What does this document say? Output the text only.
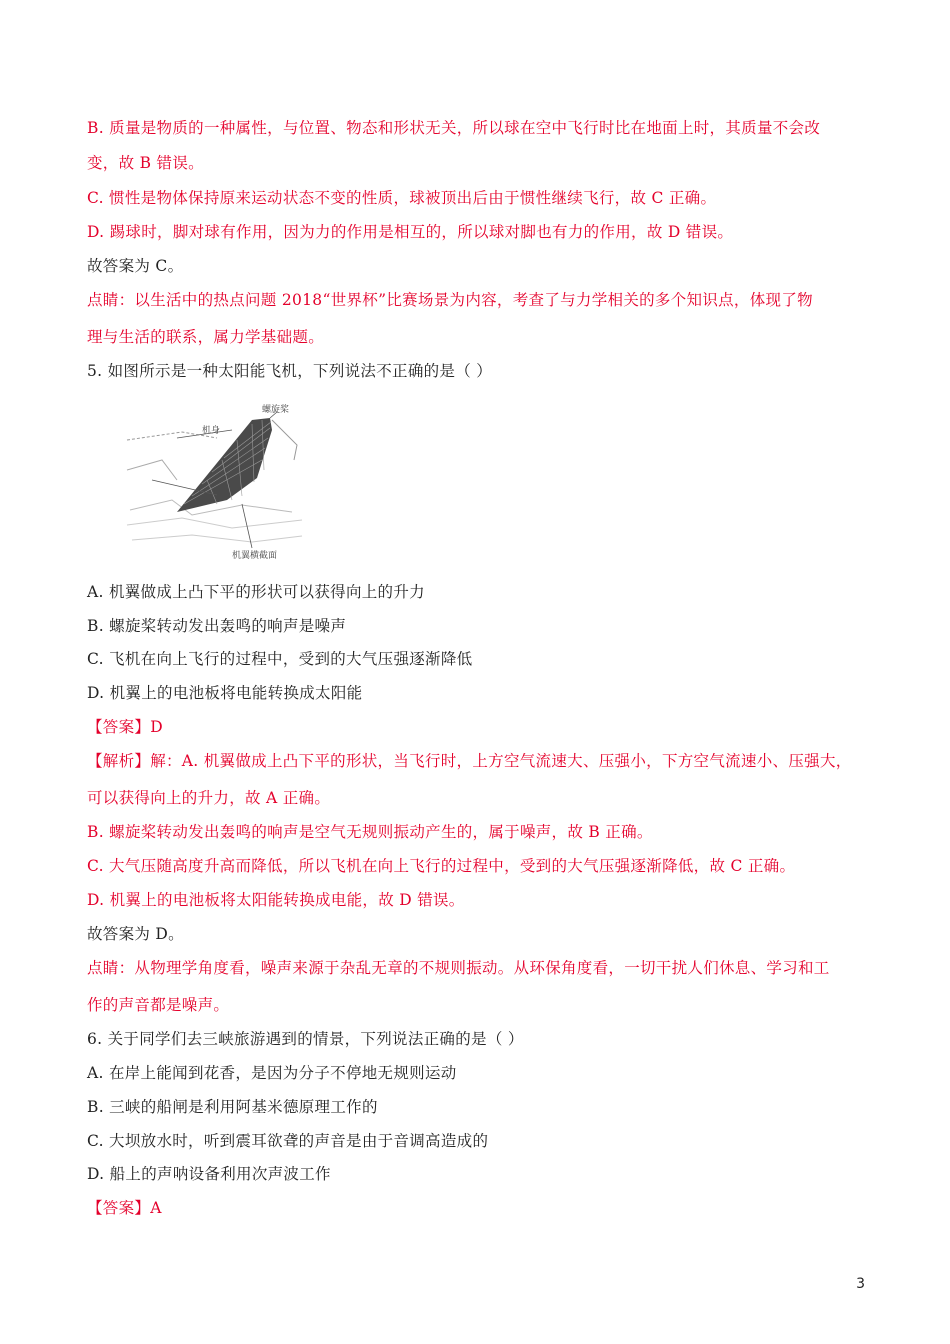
B. 质量是物质的一种属性，与位置、物态和形状无关，所以球在空中飞行时比在地面上时，其质量不会改
变，故 B 错误。
C. 惯性是物体保持原来运动状态不变的性质，球被顶出后由于惯性继续飞行，故 C 正确。
D. 踢球时，脚对球有作用，因为力的作用是相互的，所以球对脚也有力的作用，故 D 错误。
故答案为 C。
点睛：以生活中的热点问题 2018“世界杯”比赛场景为内容，考查了与力学相关的多个知识点，体现了物
理与生活的联系，属力学基础题。
5. 如图所示是一种太阳能飞机，下列说法不正确的是（ ）
螺旋桨
机身
机翼横截面
A. 机翼做成上凸下平的形状可以获得向上的升力
B. 螺旋桨转动发出轰鸣的响声是噪声
C. 飞机在向上飞行的过程中，受到的大气压强逐渐降低
D. 机翼上的电池板将电能转换成太阳能
【答案】D
【解析】解：A. 机翼做成上凸下平的形状，当飞行时，上方空气流速大、压强小，下方空气流速小、压强大，
可以获得向上的升力，故 A 正确。
B. 螺旋桨转动发出轰鸣的响声是空气无规则振动产生的，属于噪声，故 B 正确。
C. 大气压随高度升高而降低，所以飞机在向上飞行的过程中，受到的大气压强逐渐降低，故 C 正确。
D. 机翼上的电池板将太阳能转换成电能，故 D 错误。
故答案为 D。
点睛：从物理学角度看，噪声来源于杂乱无章的不规则振动。从环保角度看，一切干扰人们休息、学习和工
作的声音都是噪声。
6. 关于同学们去三峡旅游遇到的情景，下列说法正确的是（ ）
A. 在岸上能闻到花香，是因为分子不停地无规则运动
B. 三峡的船闸是利用阿基米德原理工作的
C. 大坝放水时，听到震耳欲聋的声音是由于音调高造成的
D. 船上的声呐设备利用次声波工作
【答案】A
3
